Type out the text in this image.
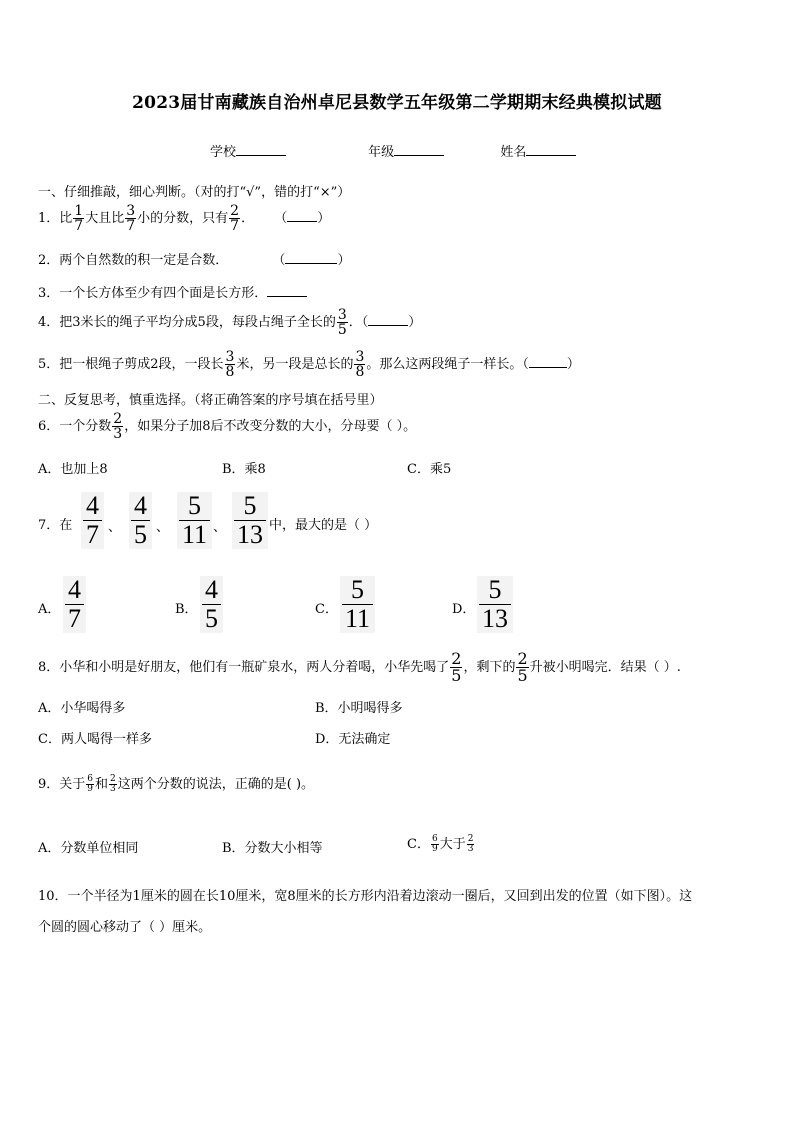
2023届甘南藏族自治州卓尼县数学五年级第二学期期末经典模拟试题
学校	年级	姓名
一、仔细推敲，细心判断。（对的打“√”，错的打“×”）
1．比 $\frac{1}{7}$ 大且比 $\frac{3}{7}$ 小的分数，只有 $\frac{2}{7}$ ． （ ）
2．两个自然数的积一定是合数．	（	）
3．一个长方体至少有四个面是长方形．
4．把3米长的绳子平均分成5段，每段占绳子全长的 $\frac{3}{5}$ ．（	）
5．把一根绳子剪成2段，一段长 $\frac{3}{8}$ 米，另一段是总长的 $\frac{3}{8}$ 。那么这两段绳子一样长。（	）
二、反复思考，慎重选择。（将正确答案的序号填在括号里）
6．一个分数 $\frac{2}{3}$ ，如果分子加8后不改变分数的大小，分母要（ ）。
A．也加上8	B．乘8	C．乘5
7．在 $\frac{4}{7}$ 、 $\frac{4}{5}$ 、 $\frac{5}{11}$ 、 $\frac{5}{13}$ 中，最大的是（ ）
A． $\frac{4}{7}$	B． $\frac{4}{5}$	C． $\frac{5}{11}$	D． $\frac{5}{13}$
8．小华和小明是好朋友，他们有一瓶矿泉水，两人分着喝，小华先喝了 $\frac{2}{5}$ ，剩下的 $\frac{2}{5}$ 升被小明喝完．结果（ ）.
A．小华喝得多	B．小明喝得多
C．两人喝得一样多	D．无法确定
9．关于 $\frac{6}{9}$ 和 $\frac{2}{3}$ 这两个分数的说法，正确的是( )。
A．分数单位相同	B．分数大小相等	C． $\frac{6}{9}$ 大于 $\frac{2}{3}$
10．一个半径为1厘米的圆在长10厘米，宽8厘米的长方形内沿着边滚动一圈后，又回到出发的位置（如下图）。这
个圆的圆心移动了（ ）厘米。
